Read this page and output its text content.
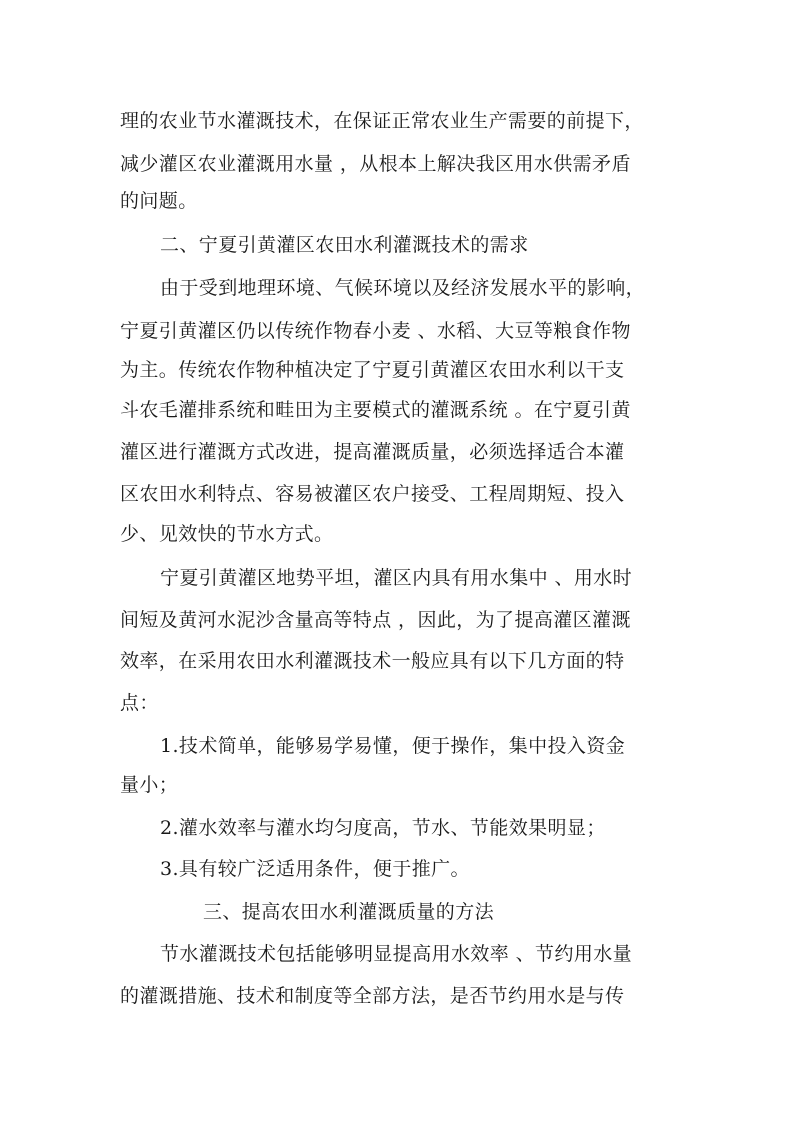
理的农业节水灌溉技术，在保证正常农业生产需要的前提下，
减少灌区农业灌溉用水量 ，从根本上解决我区用水供需矛盾
的问题。
二、宁夏引黄灌区农田水利灌溉技术的需求
由于受到地理环境、气候环境以及经济发展水平的影响，
宁夏引黄灌区仍以传统作物春小麦 、水稻、大豆等粮食作物
为主。传统农作物种植决定了宁夏引黄灌区农田水利以干支
斗农毛灌排系统和畦田为主要模式的灌溉系统 。在宁夏引黄
灌区进行灌溉方式改进，提高灌溉质量，必须选择适合本灌
区农田水利特点、容易被灌区农户接受、工程周期短、投入
少、见效快的节水方式。
宁夏引黄灌区地势平坦，灌区内具有用水集中 、用水时
间短及黄河水泥沙含量高等特点 ，因此，为了提高灌区灌溉
效率，在采用农田水利灌溉技术一般应具有以下几方面的特
点：
1.技术简单，能够易学易懂，便于操作，集中投入资金
量小；
2.灌水效率与灌水均匀度高，节水、节能效果明显；
3.具有较广泛适用条件，便于推广。
三、提高农田水利灌溉质量的方法
节水灌溉技术包括能够明显提高用水效率 、节约用水量
的灌溉措施、技术和制度等全部方法，是否节约用水是与传
